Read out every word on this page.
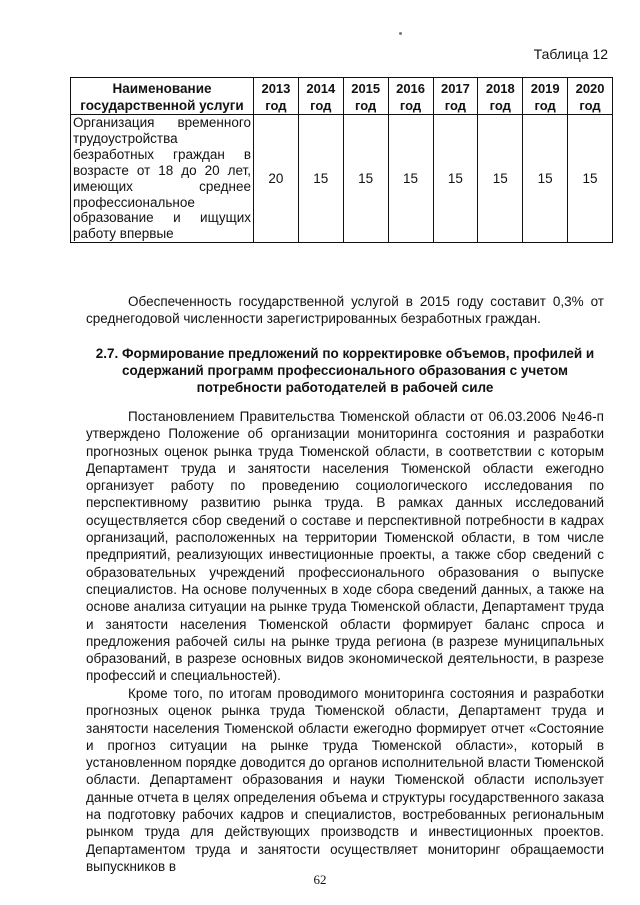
Таблица 12
Наименование государственной услуги	2013 год	2014 год	2015 год	2016 год	2017 год	2018 год	2019 год	2020 год
Организация временного трудоустройства безработных граждан в возрасте от 18 до 20 лет, имеющих среднее профессиональное образование и ищущих работу впервые	20	15	15	15	15	15	15	15

Обеспеченность государственной услугой в 2015 году составит 0,3% от среднегодовой численности зарегистрированных безработных граждан.

2.7. Формирование предложений по корректировке объемов, профилей и содержаний программ профессионального образования с учетом потребности работодателей в рабочей силе

Постановлением Правительства Тюменской области от 06.03.2006 №46-п утверждено Положение об организации мониторинга состояния и разработки прогнозных оценок рынка труда Тюменской области, в соответствии с которым Департамент труда и занятости населения Тюменской области ежегодно организует работу по проведению социологического исследования по перспективному развитию рынка труда. В рамках данных исследований осуществляется сбор сведений о составе и перспективной потребности в кадрах организаций, расположенных на территории Тюменской области, в том числе предприятий, реализующих инвестиционные проекты, а также сбор сведений с образовательных учреждений профессионального образования о выпуске специалистов. На основе полученных в ходе сбора сведений данных, а также на основе анализа ситуации на рынке труда Тюменской области, Департамент труда и занятости населения Тюменской области формирует баланс спроса и предложения рабочей силы на рынке труда региона (в разрезе муниципальных образований, в разрезе основных видов экономической деятельности, в разрезе профессий и специальностей).

Кроме того, по итогам проводимого мониторинга состояния и разработки прогнозных оценок рынка труда Тюменской области, Департамент труда и занятости населения Тюменской области ежегодно формирует отчет «Состояние и прогноз ситуации на рынке труда Тюменской области», который в установленном порядке доводится до органов исполнительной власти Тюменской области. Департамент образования и науки Тюменской области использует данные отчета в целях определения объема и структуры государственного заказа на подготовку рабочих кадров и специалистов, востребованных региональным рынком труда для действующих производств и инвестиционных проектов. Департаментом труда и занятости осуществляет мониторинг обращаемости выпускников в

62
